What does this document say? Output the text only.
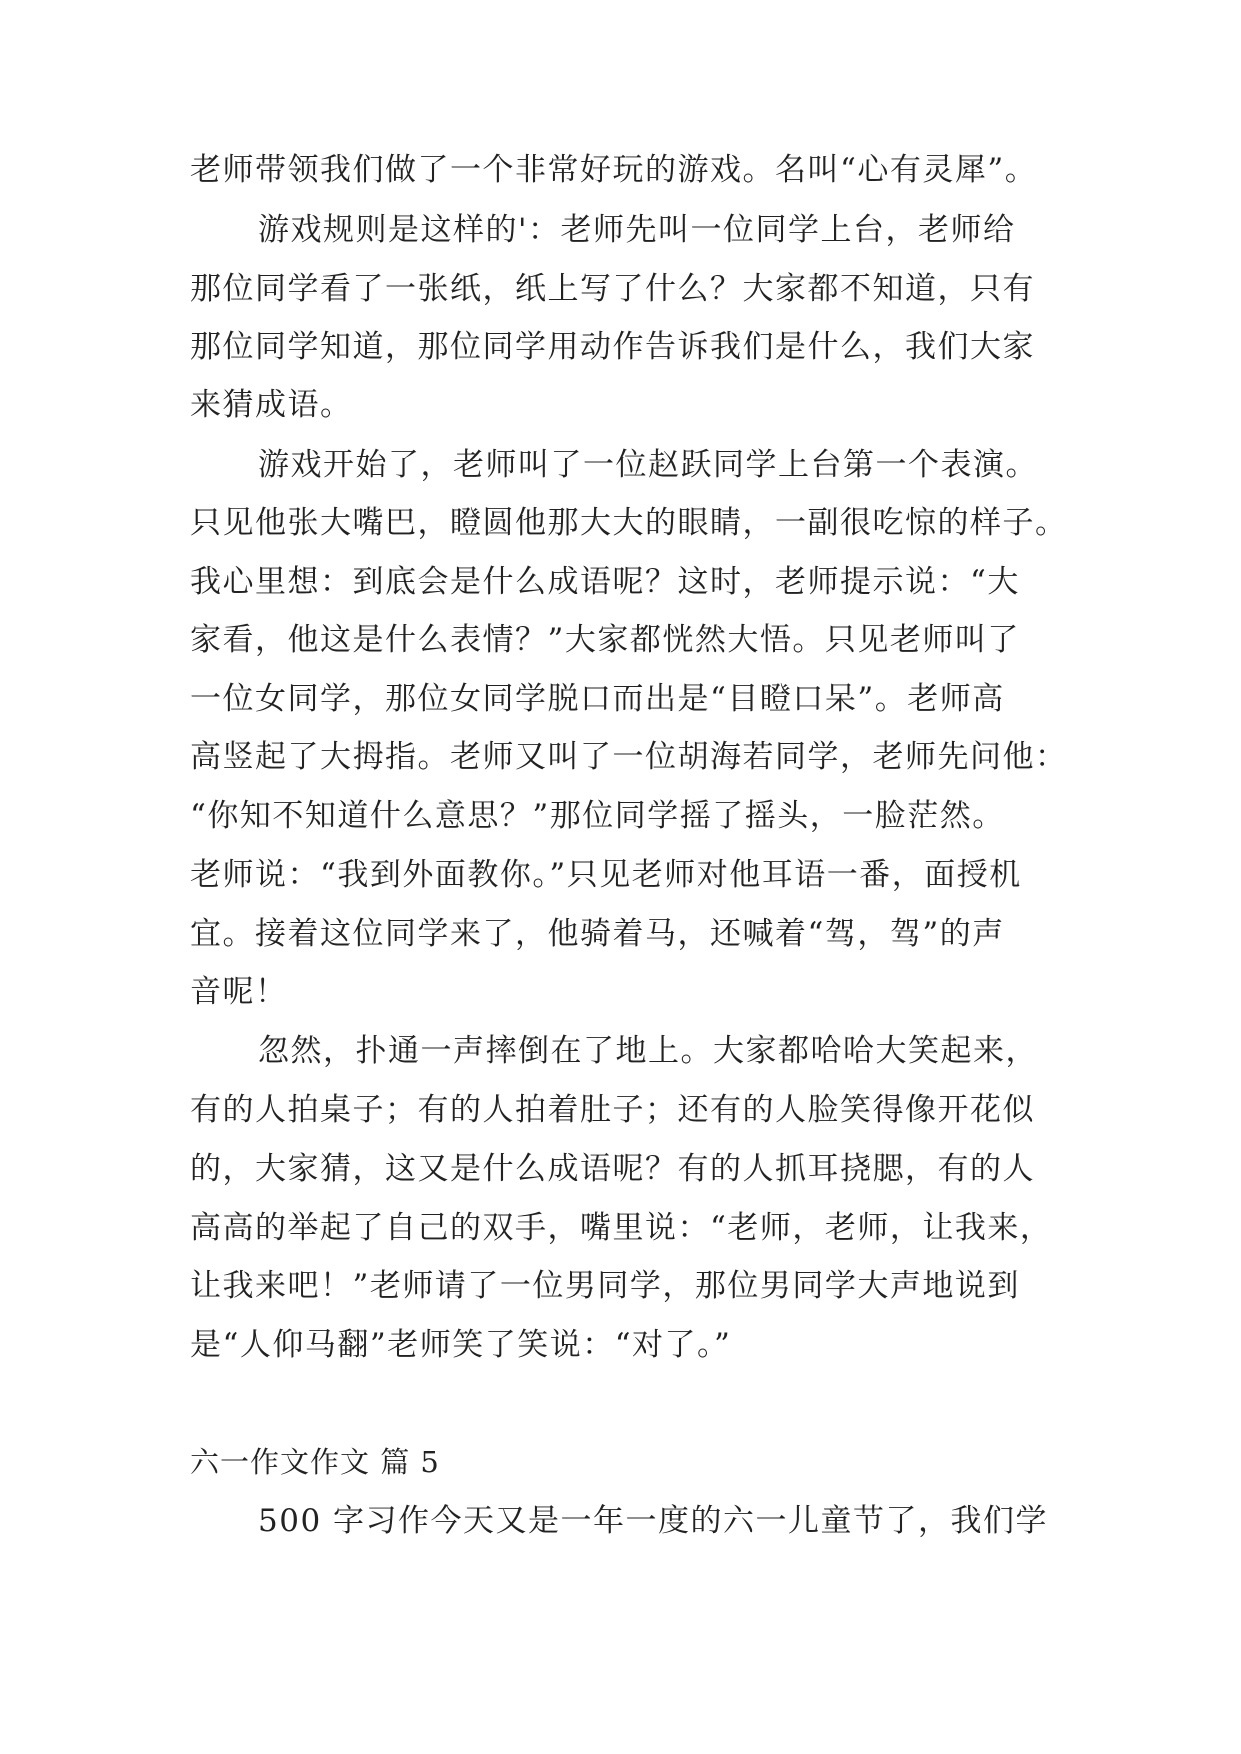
老师带领我们做了一个非常好玩的游戏。名叫“心有灵犀”。
游戏规则是这样的'：老师先叫一位同学上台，老师给
那位同学看了一张纸，纸上写了什么？大家都不知道，只有
那位同学知道，那位同学用动作告诉我们是什么，我们大家
来猜成语。
游戏开始了，老师叫了一位赵跃同学上台第一个表演。
只见他张大嘴巴，瞪圆他那大大的眼睛，一副很吃惊的样子。
我心里想：到底会是什么成语呢？这时，老师提示说：“大
家看，他这是什么表情？”大家都恍然大悟。只见老师叫了
一位女同学，那位女同学脱口而出是“目瞪口呆”。老师高
高竖起了大拇指。老师又叫了一位胡海若同学，老师先问他：
“你知不知道什么意思？”那位同学摇了摇头，一脸茫然。
老师说：“我到外面教你。”只见老师对他耳语一番，面授机
宜。接着这位同学来了，他骑着马，还喊着“驾，驾”的声
音呢！
忽然，扑通一声摔倒在了地上。大家都哈哈大笑起来，
有的人拍桌子；有的人拍着肚子；还有的人脸笑得像开花似
的，大家猜，这又是什么成语呢？有的人抓耳挠腮，有的人
高高的举起了自己的双手，嘴里说：“老师，老师，让我来，
让我来吧！”老师请了一位男同学，那位男同学大声地说到
是“人仰马翻”老师笑了笑说：“对了。”
六一作文作文 篇 5
500 字习作今天又是一年一度的六一儿童节了，我们学
